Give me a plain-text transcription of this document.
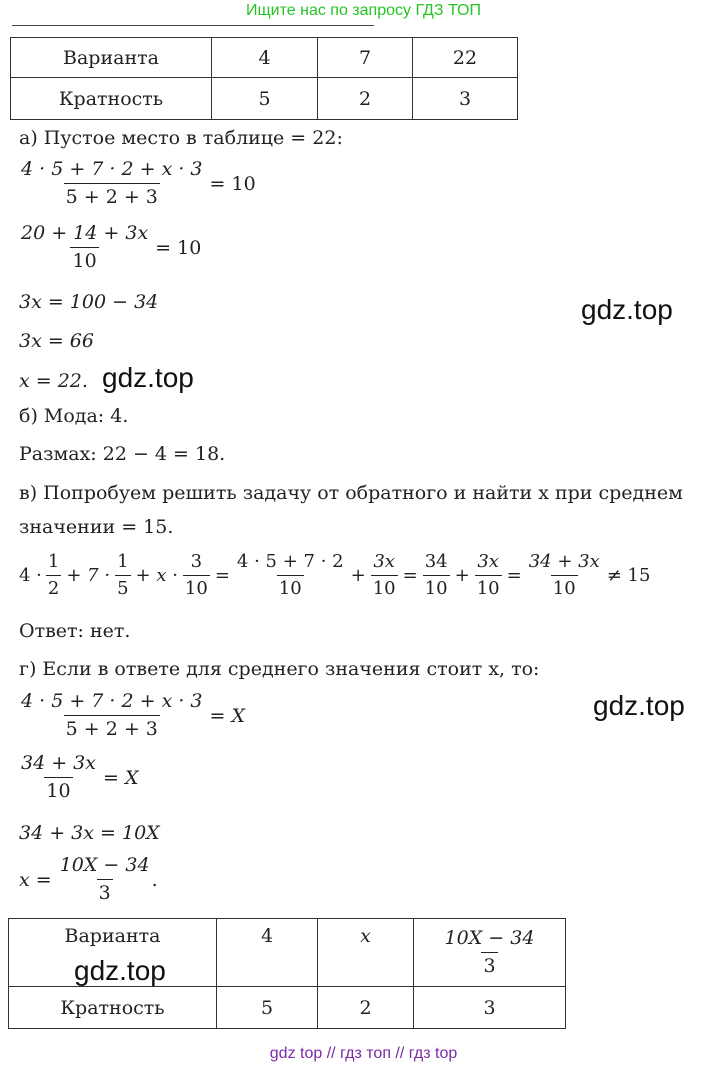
Ищите нас по запросу ГДЗ ТОП
Варианта	4	7	22
Кратность	5	2	3
а) Пустое место в таблице = 22:
$\frac{4 \cdot 5 + 7 \cdot 2 + x \cdot 3}{5 + 2 + 3} = 10$
$\frac{20 + 14 + 3x}{10} = 10$
3x = 100 − 34
3x = 66
x = 22. gdz.top
gdz.top
б) Мода: 4.
Размах: 22 − 4 = 18.
в) Попробуем решить задачу от обратного и найти x при среднем
значении = 15.
$4 \cdot \frac{1}{2} + 7 \cdot \frac{1}{5} + x \cdot \frac{3}{10} = \frac{4 \cdot 5 + 7 \cdot 2}{10} + \frac{3x}{10} = \frac{34}{10} + \frac{3x}{10} = \frac{34 + 3x}{10} \ne 15$
Ответ: нет.
г) Если в ответе для среднего значения стоит x, то:
$\frac{4 \cdot 5 + 7 \cdot 2 + x \cdot 3}{5 + 2 + 3} = X$	gdz.top
$\frac{34 + 3x}{10} = X$
34 + 3x = 10X
$x = \frac{10X - 34}{3}$ .
Варианта	4	x	$\frac{10X - 34}{3}$

Кратность	5	2	3
gdz.top
gdz top // гдз топ // гдз top
